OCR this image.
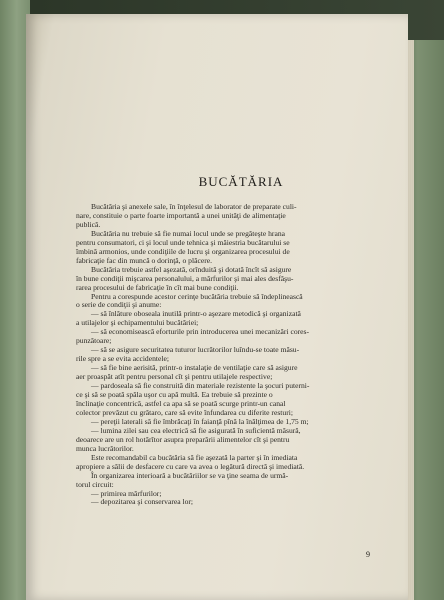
BUCĂTĂRIA

Bucătăria şi anexele sale, în înţelesul de laborator de preparate culi-

nare, constituie o parte foarte importantă a unei unităţi de alimentaţie

publică.

Bucătăria nu trebuie să fie numai locul unde se pregăteşte hrana

pentru consumatori, ci şi locul unde tehnica şi măiestria bucătarului se

îmbină armonios, unde condiţiile de lucru şi organizarea procesului de

fabricaţie fac din muncă o dorinţă, o plăcere.

Bucătăria trebuie astfel aşezată, orînduită şi dotată încît să asigure

în bune condiţii mişcarea personalului, a mărfurilor şi mai ales desfăşu-

rarea procesului de fabricaţie în cît mai bune condiţii.

Pentru a corespunde acestor cerinţe bucătăria trebuie să îndeplinească

o serie de condiţii şi anume:

— să înlăture oboseala inutilă printr-o aşezare metodică şi organizată

a utilajelor şi echipamentului bucătăriei;

— să economisească eforturile prin introducerea unei mecanizări cores-

punzătoare;

— să se asigure securitatea tuturor lucrătorilor luîndu-se toate măsu-

rile spre a se evita accidentele;

— să fie bine aerisită, printr-o instalaţie de ventilaţie care să asigure

aer proaspăt atît pentru personal cît şi pentru utilajele respective;

— pardoseala să fie construită din materiale rezistente la şocuri puterni-

ce şi să se poată spăla uşor cu apă multă. Ea trebuie să prezinte o

înclinaţie concentrică, astfel ca apa să se poată scurge printr-un canal

colector prevăzut cu grătaro, care să evite înfundarea cu diferite resturi;

— pereţii laterali să fie îmbrăcaţi în faianţă pînă la înălţimea de 1,75 m;

— lumina zilei sau cea electrică să fie asigurată în suficientă măsură,

deoarece are un rol hotărîtor asupra preparării alimentelor cît şi pentru

munca lucrătorilor.

Este recomandabil ca bucătăria să fie aşezată la parter şi în imediata

apropiere a sălii de desfacere cu care va avea o legătură directă şi imediată.

În organizarea interioară a bucătăriilor se va ţine seama de urmă-

torul circuit:

— primirea mărfurilor;

— depozitarea şi conservarea lor;

9
